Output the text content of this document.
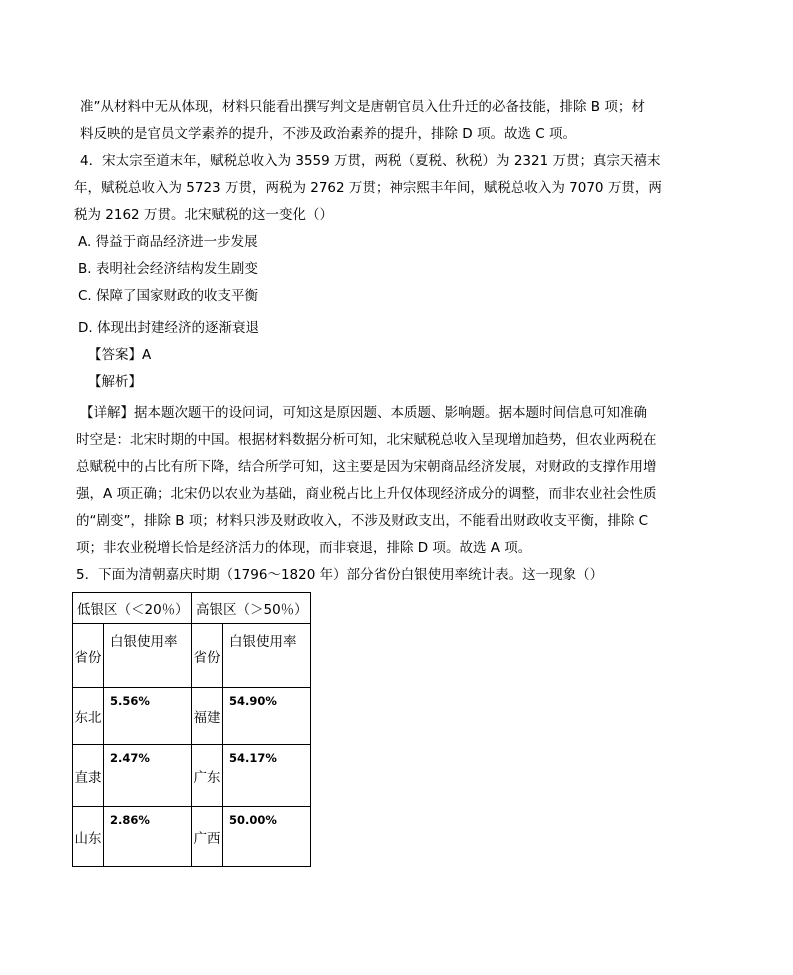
准”从材料中无从体现，材料只能看出撰写判文是唐朝官员入仕升迁的必备技能，排除 B 项；材
料反映的是官员文学素养的提升，不涉及政治素养的提升，排除 D 项。故选 C 项。
4．宋太宗至道末年，赋税总收入为 3559 万贯，两税（夏税、秋税）为 2321 万贯；真宗天禧末
年，赋税总收入为 5723 万贯，两税为 2762 万贯；神宗熙丰年间，赋税总收入为 7070 万贯，两
税为 2162 万贯。北宋赋税的这一变化（）
A. 得益于商品经济进一步发展
B. 表明社会经济结构发生剧变
C. 保障了国家财政的收支平衡
D. 体现出封建经济的逐渐衰退
【答案】A
【解析】
【详解】据本题次题干的设问词，可知这是原因题、本质题、影响题。据本题时间信息可知准确
时空是：北宋时期的中国。根据材料数据分析可知，北宋赋税总收入呈现增加趋势，但农业两税在
总赋税中的占比有所下降，结合所学可知，这主要是因为宋朝商品经济发展，对财政的支撑作用增
强，A 项正确；北宋仍以农业为基础，商业税占比上升仅体现经济成分的调整，而非农业社会性质
的“剧变”，排除 B 项；材料只涉及财政收入，不涉及财政支出，不能看出财政收支平衡，排除 C
项；非农业税增长恰是经济活力的体现，而非衰退，排除 D 项。故选 A 项。
5．下面为清朝嘉庆时期（1796～1820 年）部分省份白银使用率统计表。这一现象（）
低银区（＜20％）		高银区（＞50％）	
省份	白银使用率	省份	白银使用率
东北	5.56%	福建	54.90%
直隶	2.47%	广东	54.17%
山东	2.86%	广西	50.00%
